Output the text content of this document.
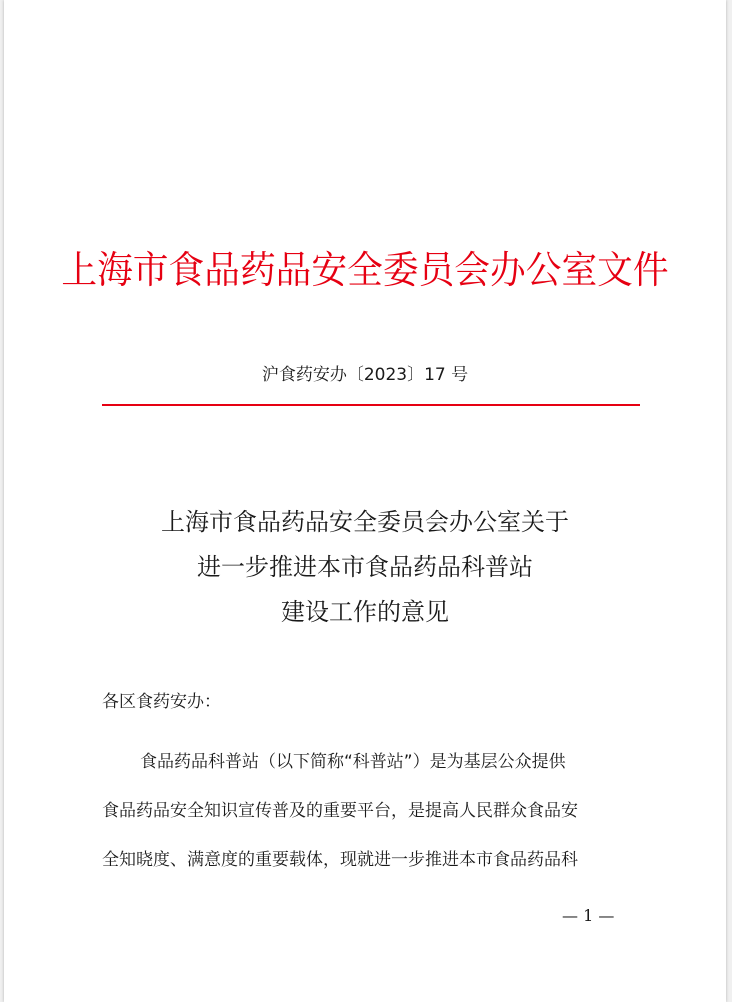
上海市食品药品安全委员会办公室文件
沪食药安办〔2023〕17 号
上海市食品药品安全委员会办公室关于
进一步推进本市食品药品科普站
建设工作的意见
各区食药安办：
食品药品科普站（以下简称“科普站”）是为基层公众提供
食品药品安全知识宣传普及的重要平台，是提高人民群众食品安
全知晓度、满意度的重要载体，现就进一步推进本市食品药品科
— 1 —
